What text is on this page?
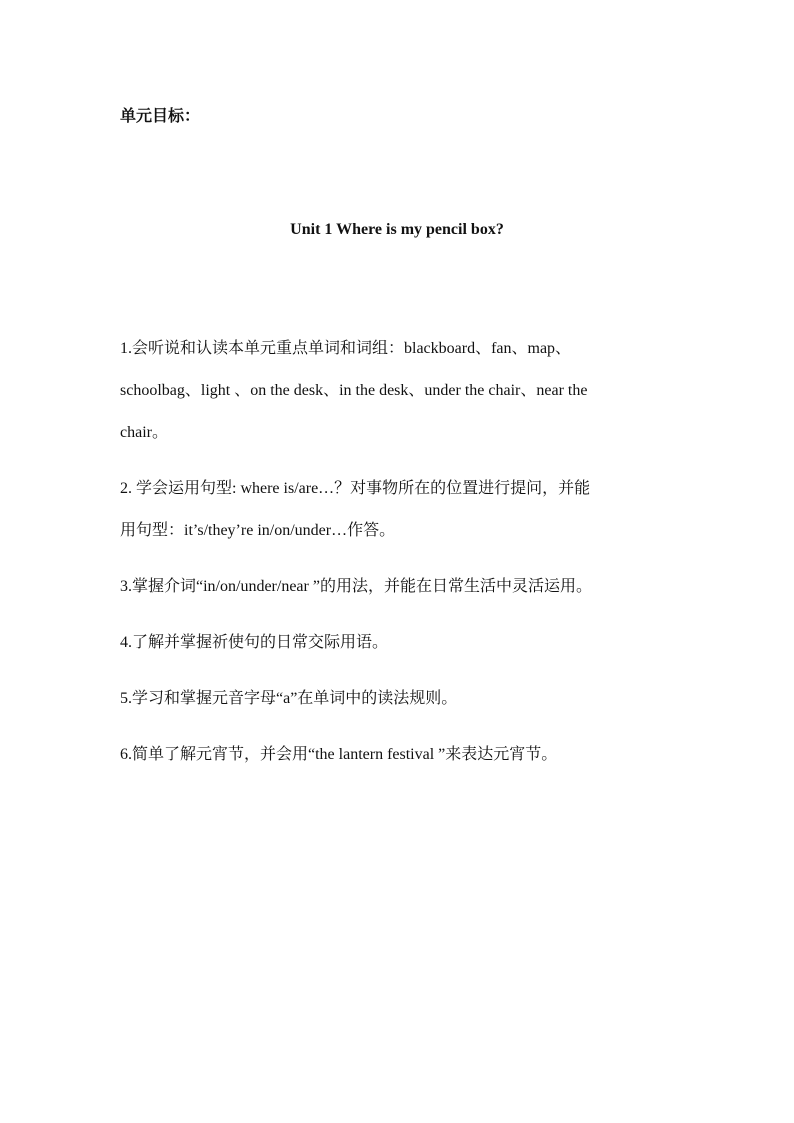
单元目标：
Unit 1 Where is my pencil box?
1.会听说和认读本单元重点单词和词组：blackboard、fan、map、
schoolbag、light 、on the desk、in the desk、under the chair、near the
chair。
2. 学会运用句型: where is/are…？对事物所在的位置进行提问，并能
用句型：it’s/they’re in/on/under…作答。
3.掌握介词“in/on/under/near ”的用法，并能在日常生活中灵活运用。
4.了解并掌握祈使句的日常交际用语。
5.学习和掌握元音字母“a”在单词中的读法规则。
6.简单了解元宵节，并会用“the lantern festival ”来表达元宵节。
